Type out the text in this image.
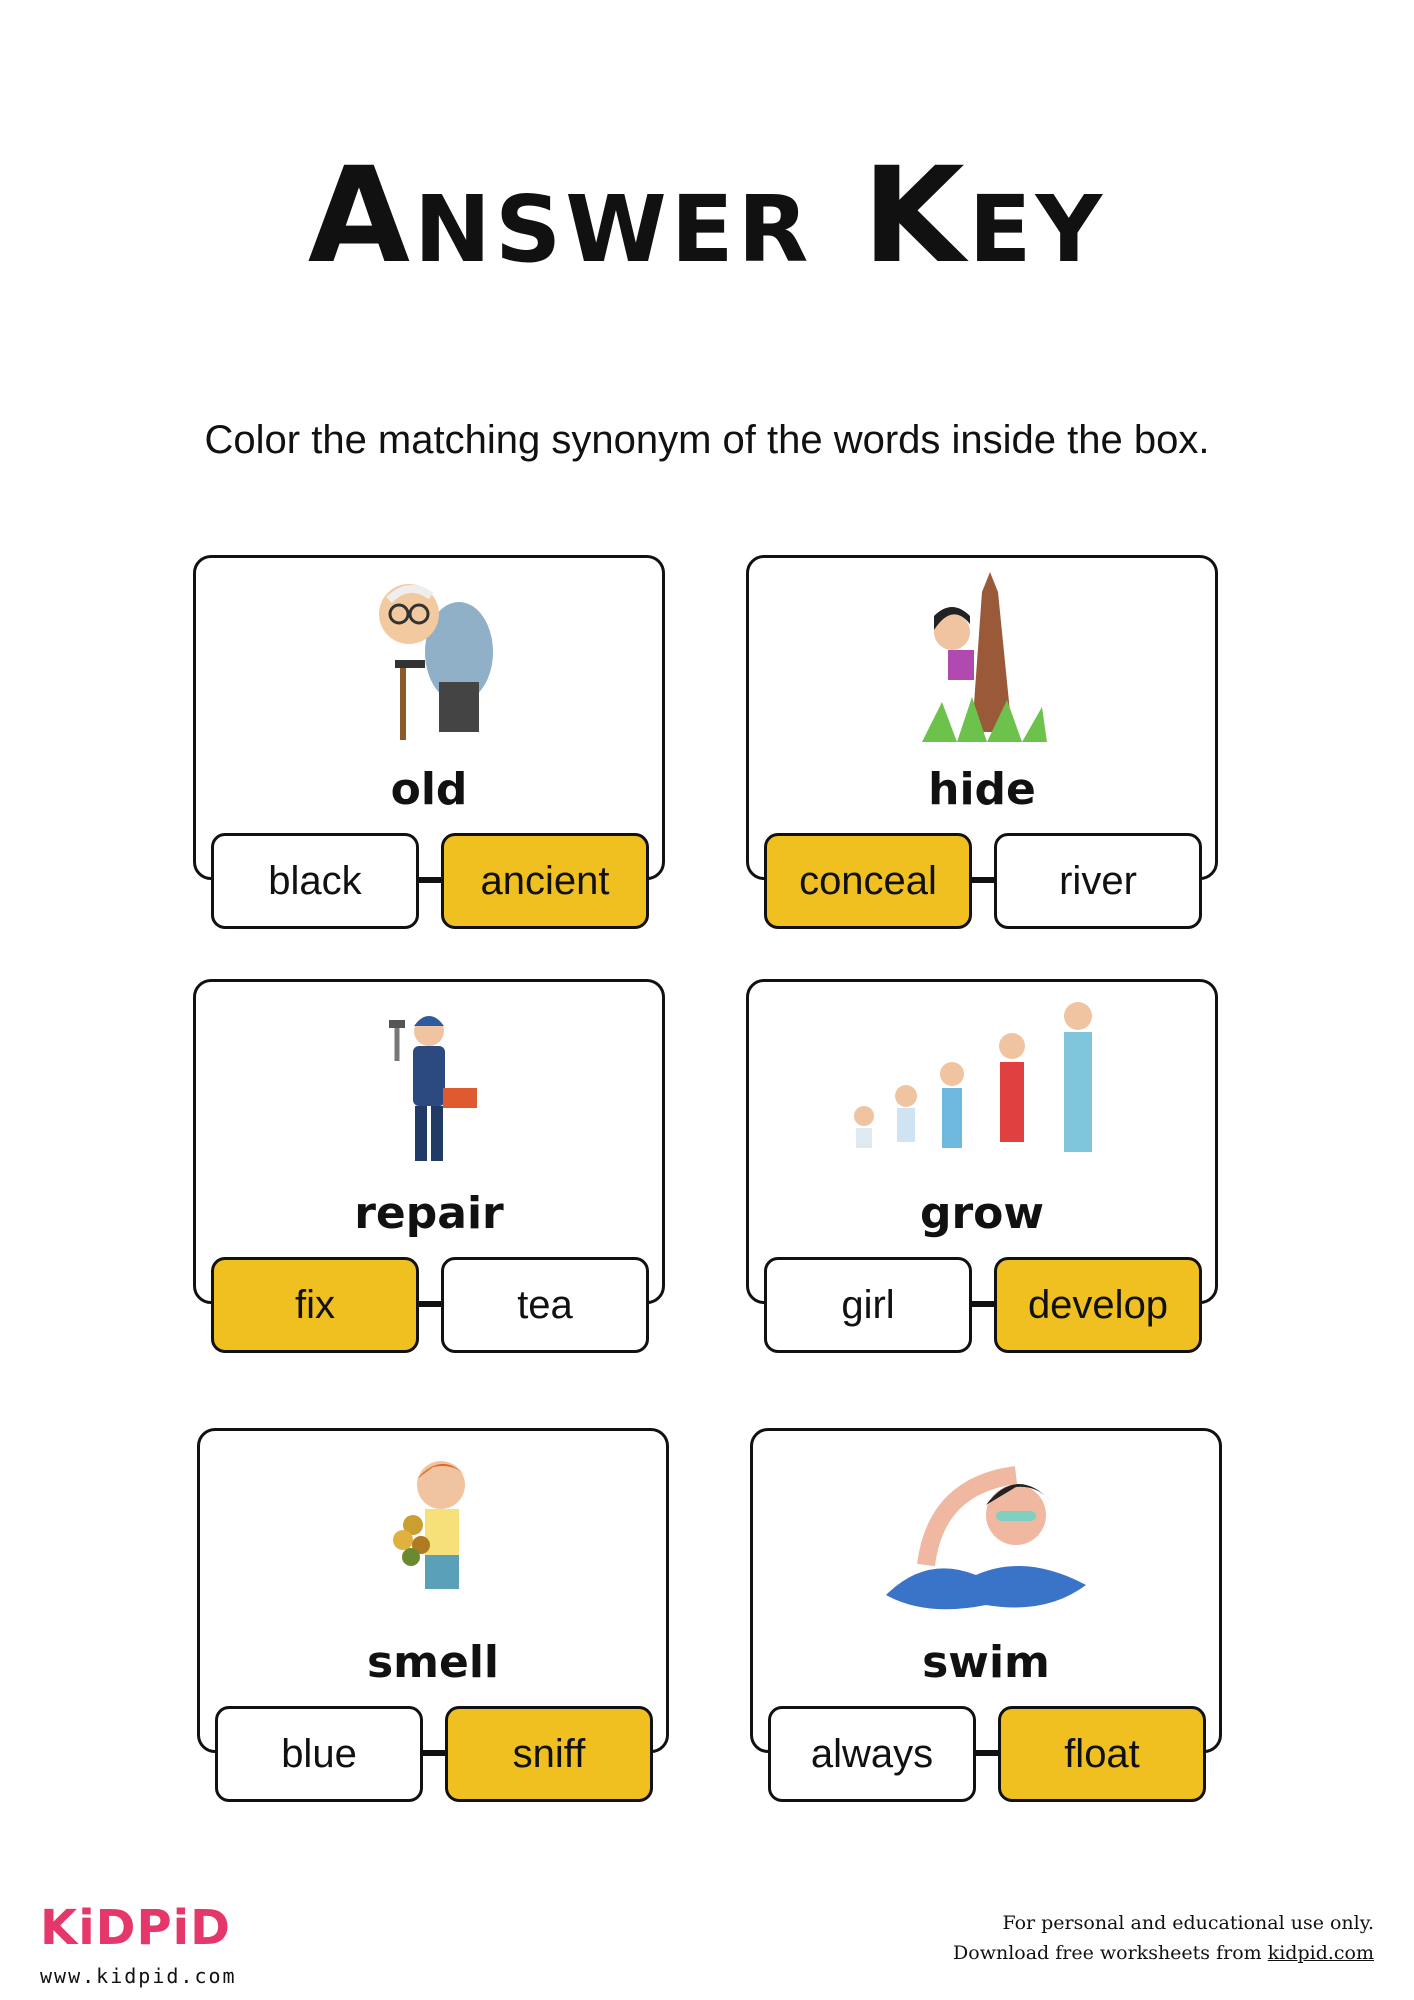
Answer Key
Color the matching synonym of the words inside the box.
old
black	ancient
hide
conceal	river
repair
fix	tea
grow
girl	develop
smell
blue	sniff
swim
always	float
KiDPiD
www.kidpid.com
For personal and educational use only.
Download free worksheets from kidpid.com
